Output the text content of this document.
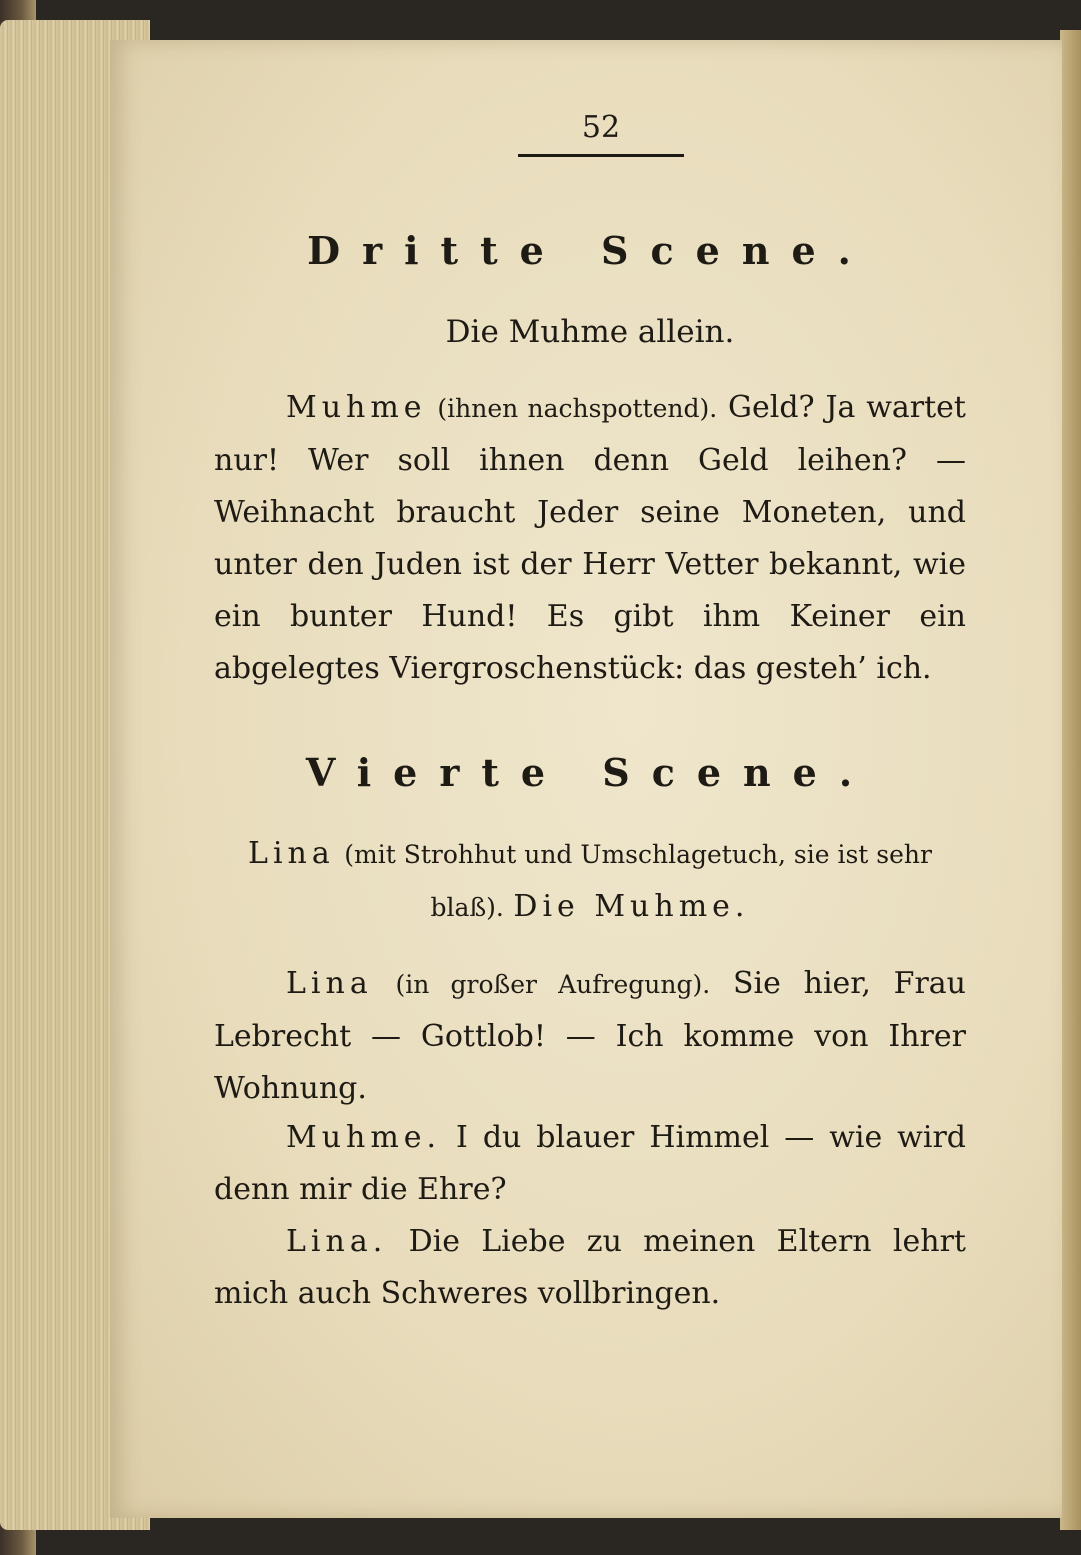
52

Dritte Scene.

Die Muhme allein.

Muhme (ihnen nachspottend). Geld? Ja wartet nur! Wer soll ihnen denn Geld leihen? — Weihnacht braucht Jeder seine Moneten, und unter den Juden ist der Herr Vetter bekannt, wie ein bunter Hund! Es gibt ihm Keiner ein abgelegtes Viergroschenstück: das gesteh’ ich.

Vierte Scene.

Lina (mit Strohhut und Umschlagetuch, sie ist sehr blaß). Die Muhme.

Lina (in großer Aufregung). Sie hier, Frau Lebrecht — Gottlob! — Ich komme von Ihrer Wohnung.

Muhme. I du blauer Himmel — wie wird denn mir die Ehre?

Lina. Die Liebe zu meinen Eltern lehrt mich auch Schweres vollbringen.
